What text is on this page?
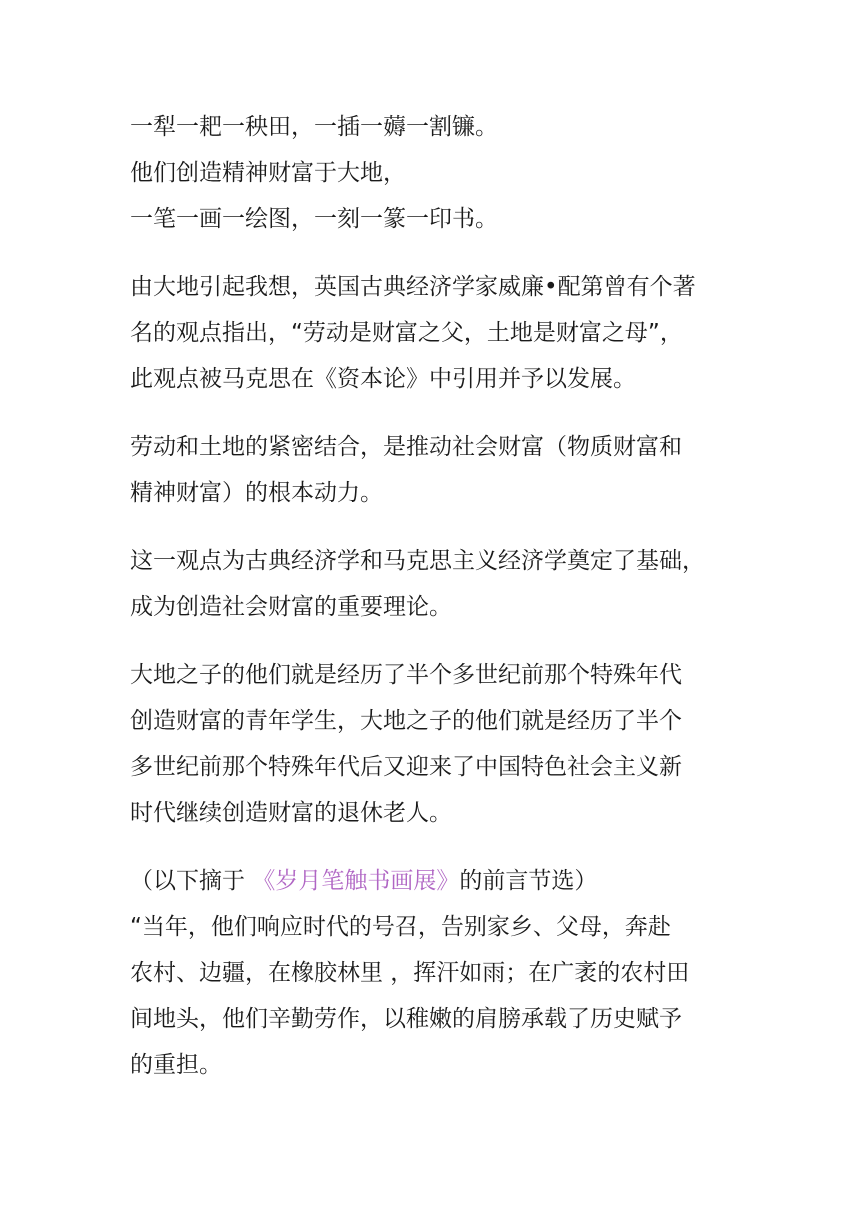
一犁一耙一秧田，一插一薅一割镰。
他们创造精神财富于大地，
一笔一画一绘图，一刻一篆一印书。
由大地引起我想，英国古典经济学家威廉•配第曾有个著
名的观点指出，“劳动是财富之父，土地是财富之母”，
此观点被马克思在《资本论》中引用并予以发展。
劳动和土地的紧密结合，是推动社会财富（物质财富和
精神财富）的根本动力。
这一观点为古典经济学和马克思主义经济学奠定了基础，
成为创造社会财富的重要理论。
大地之子的他们就是经历了半个多世纪前那个特殊年代
创造财富的青年学生，大地之子的他们就是经历了半个
多世纪前那个特殊年代后又迎来了中国特色社会主义新
时代继续创造财富的退休老人。
（以下摘于 《岁月笔触书画展》的前言节选）
“当年，他们响应时代的号召，告别家乡、父母，奔赴
农村、边疆，在橡胶林里 ，挥汗如雨；在广袤的农村田
间地头，他们辛勤劳作，以稚嫩的肩膀承载了历史赋予
的重担。
